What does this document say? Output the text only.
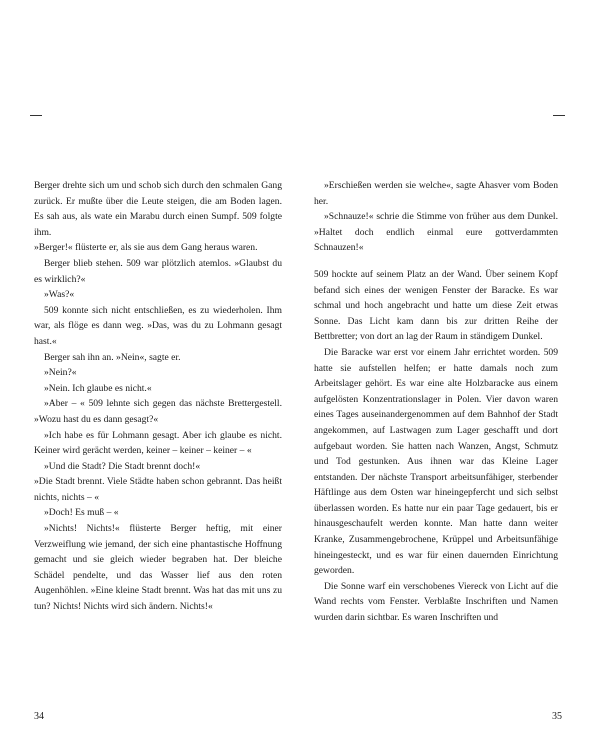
Berger drehte sich um und schob sich durch den schmalen Gang zurück. Er mußte über die Leute steigen, die am Boden lagen. Es sah aus, als wate ein Marabu durch einen Sumpf. 509 folgte ihm.

»Berger!« flüsterte er, als sie aus dem Gang heraus waren.

Berger blieb stehen. 509 war plötzlich atemlos. »Glaubst du es wirklich?«

»Was?«

509 konnte sich nicht entschließen, es zu wiederholen. Ihm war, als flöge es dann weg. »Das, was du zu Lohmann gesagt hast.«

Berger sah ihn an. »Nein«, sagte er.

»Nein?«

»Nein. Ich glaube es nicht.«

»Aber – « 509 lehnte sich gegen das nächste Brettergestell. »Wozu hast du es dann gesagt?«

»Ich habe es für Lohmann gesagt. Aber ich glaube es nicht. Keiner wird gerächt werden, keiner – keiner – keiner – «

»Und die Stadt? Die Stadt brennt doch!«

»Die Stadt brennt. Viele Städte haben schon gebrannt. Das heißt nichts, nichts – «

»Doch! Es muß – «

»Nichts! Nichts!« flüsterte Berger heftig, mit einer Verzweiflung wie jemand, der sich eine phantastische Hoffnung gemacht und sie gleich wieder begraben hat. Der bleiche Schädel pendelte, und das Wasser lief aus den roten Augenhöhlen. »Eine kleine Stadt brennt. Was hat das mit uns zu tun? Nichts! Nichts wird sich ändern. Nichts!«

34

»Erschießen werden sie welche«, sagte Ahasver vom Boden her.

»Schnauze!« schrie die Stimme von früher aus dem Dunkel. »Haltet doch endlich einmal eure gottverdammten Schnauzen!«

509 hockte auf seinem Platz an der Wand. Über seinem Kopf befand sich eines der wenigen Fenster der Baracke. Es war schmal und hoch angebracht und hatte um diese Zeit etwas Sonne. Das Licht kam dann bis zur dritten Reihe der Bettbretter; von dort an lag der Raum in ständigem Dunkel.

Die Baracke war erst vor einem Jahr errichtet worden. 509 hatte sie aufstellen helfen; er hatte damals noch zum Arbeitslager gehört. Es war eine alte Holzbaracke aus einem aufgelösten Konzentrationslager in Polen. Vier davon waren eines Tages auseinandergenommen auf dem Bahnhof der Stadt angekommen, auf Lastwagen zum Lager geschafft und dort aufgebaut worden. Sie hatten nach Wanzen, Angst, Schmutz und Tod gestunken. Aus ihnen war das Kleine Lager entstanden. Der nächste Transport arbeitsunfähiger, sterbender Häftlinge aus dem Osten war hineingepfercht und sich selbst überlassen worden. Es hatte nur ein paar Tage gedauert, bis er hinausgeschaufelt werden konnte. Man hatte dann weiter Kranke, Zusammengebrochene, Krüppel und Arbeitsunfähige hineingesteckt, und es war für einen dauernden Einrichtung geworden.

Die Sonne warf ein verschobenes Viereck von Licht auf die Wand rechts vom Fenster. Verblaßte Inschriften und Namen wurden darin sichtbar. Es waren Inschriften und

35
